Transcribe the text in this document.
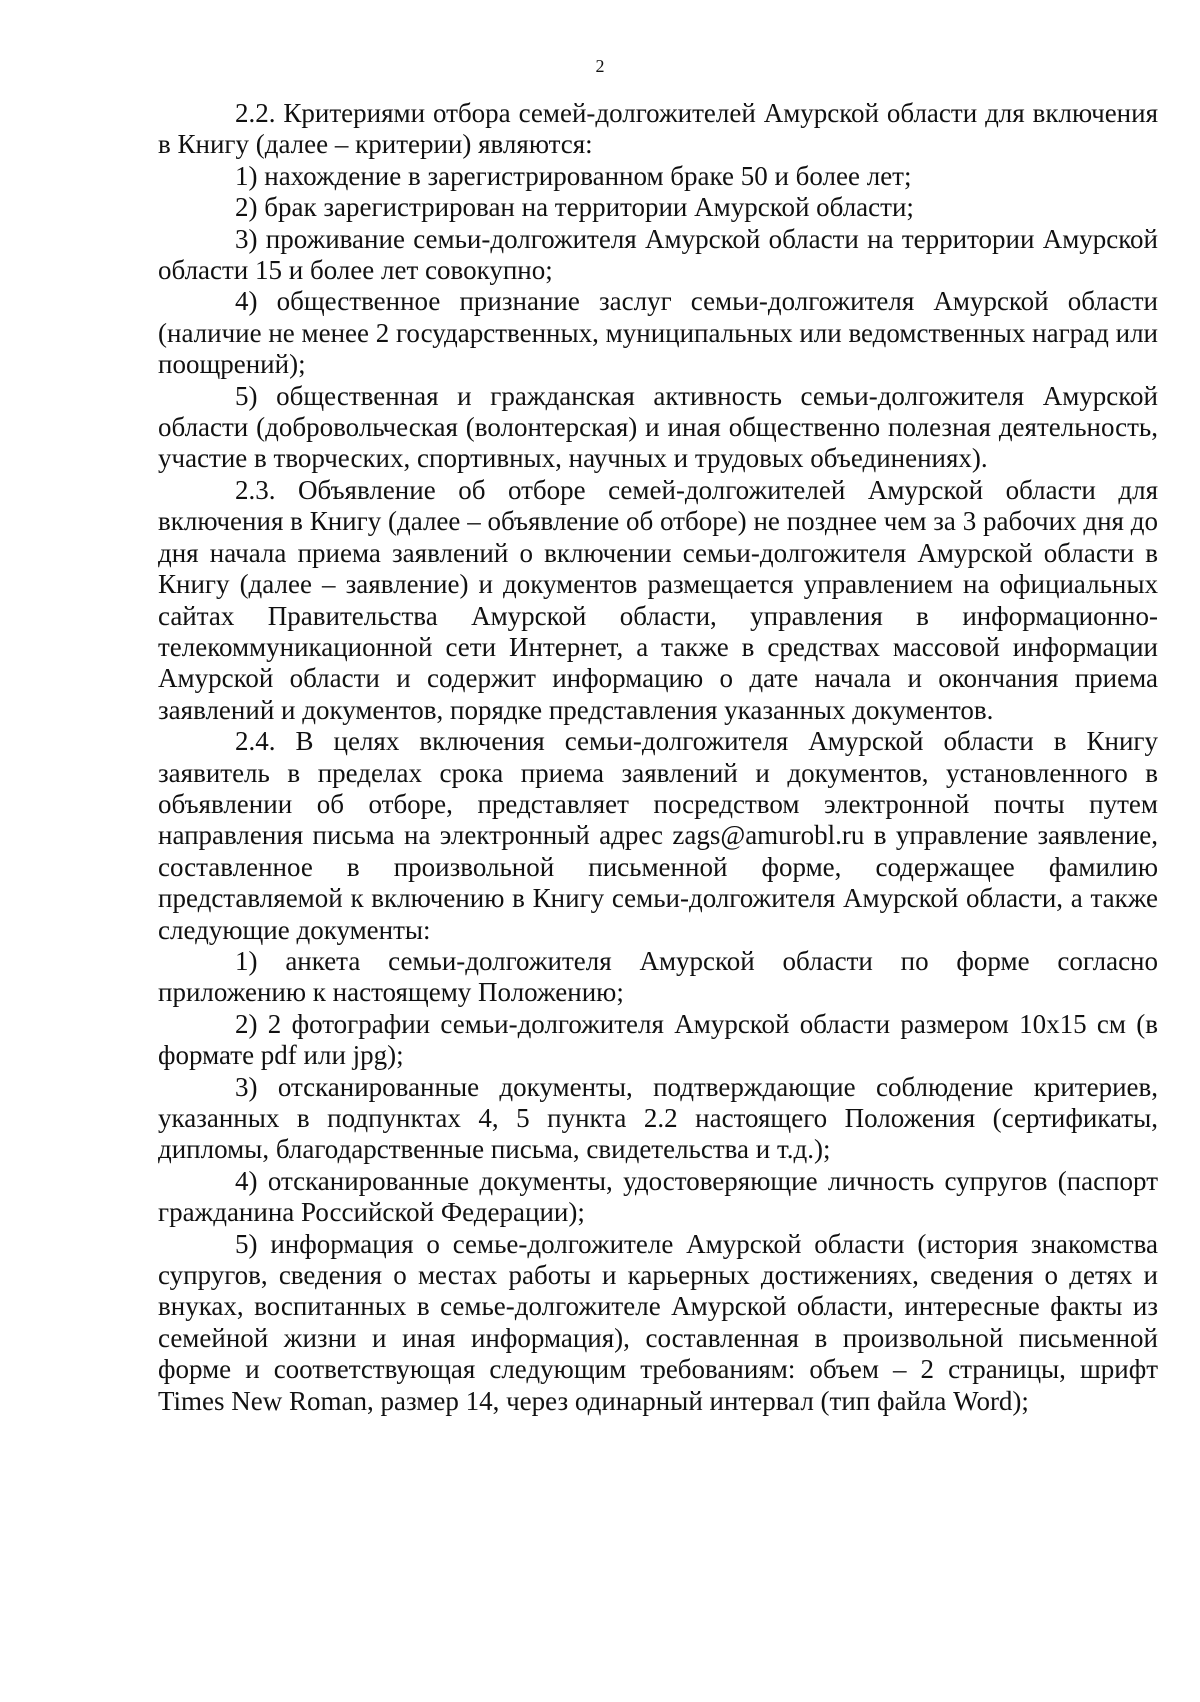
2

2.2. Критериями отбора семей-долгожителей Амурской области для включения в Книгу (далее – критерии) являются:

1) нахождение в зарегистрированном браке 50 и более лет;

2) брак зарегистрирован на территории Амурской области;

3) проживание семьи-долгожителя Амурской области на территории Амурской области 15 и более лет совокупно;

4) общественное признание заслуг семьи-долгожителя Амурской области (наличие не менее 2 государственных, муниципальных или ведомственных наград или поощрений);

5) общественная и гражданская активность семьи-долгожителя Амурской области (добровольческая (волонтерская) и иная общественно полезная деятельность, участие в творческих, спортивных, научных и трудовых объединениях).

2.3. Объявление об отборе семей-долгожителей Амурской области для включения в Книгу (далее – объявление об отборе) не позднее чем за 3 рабочих дня до дня начала приема заявлений о включении семьи-долгожителя Амурской области в Книгу (далее – заявление) и документов размещается управлением на официальных сайтах Правительства Амурской области, управления в информационно-телекоммуникационной сети Интернет, а также в средствах массовой информации Амурской области и содержит информацию о дате начала и окончания приема заявлений и документов, порядке представления указанных документов.

2.4. В целях включения семьи-долгожителя Амурской области в Книгу заявитель в пределах срока приема заявлений и документов, установленного в объявлении об отборе, представляет посредством электронной почты путем направления письма на электронный адрес zags@amurobl.ru в управление заявление, составленное в произвольной письменной форме, содержащее фамилию представляемой к включению в Книгу семьи-долгожителя Амурской области, а также следующие документы:

1) анкета семьи-долгожителя Амурской области по форме согласно приложению к настоящему Положению;

2) 2 фотографии семьи-долгожителя Амурской области размером 10х15 см (в формате pdf или jpg);

3) отсканированные документы, подтверждающие соблюдение критериев, указанных в подпунктах 4, 5 пункта 2.2 настоящего Положения (сертификаты, дипломы, благодарственные письма, свидетельства и т.д.);

4) отсканированные документы, удостоверяющие личность супругов (паспорт гражданина Российской Федерации);

5) информация о семье-долгожителе Амурской области (история знакомства супругов, сведения о местах работы и карьерных достижениях, сведения о детях и внуках, воспитанных в семье-долгожителе Амурской области, интересные факты из семейной жизни и иная информация), составленная в произвольной письменной форме и соответствующая следующим требованиям: объем – 2 страницы, шрифт Times New Roman, размер 14, через одинарный интервал (тип файла Word);
